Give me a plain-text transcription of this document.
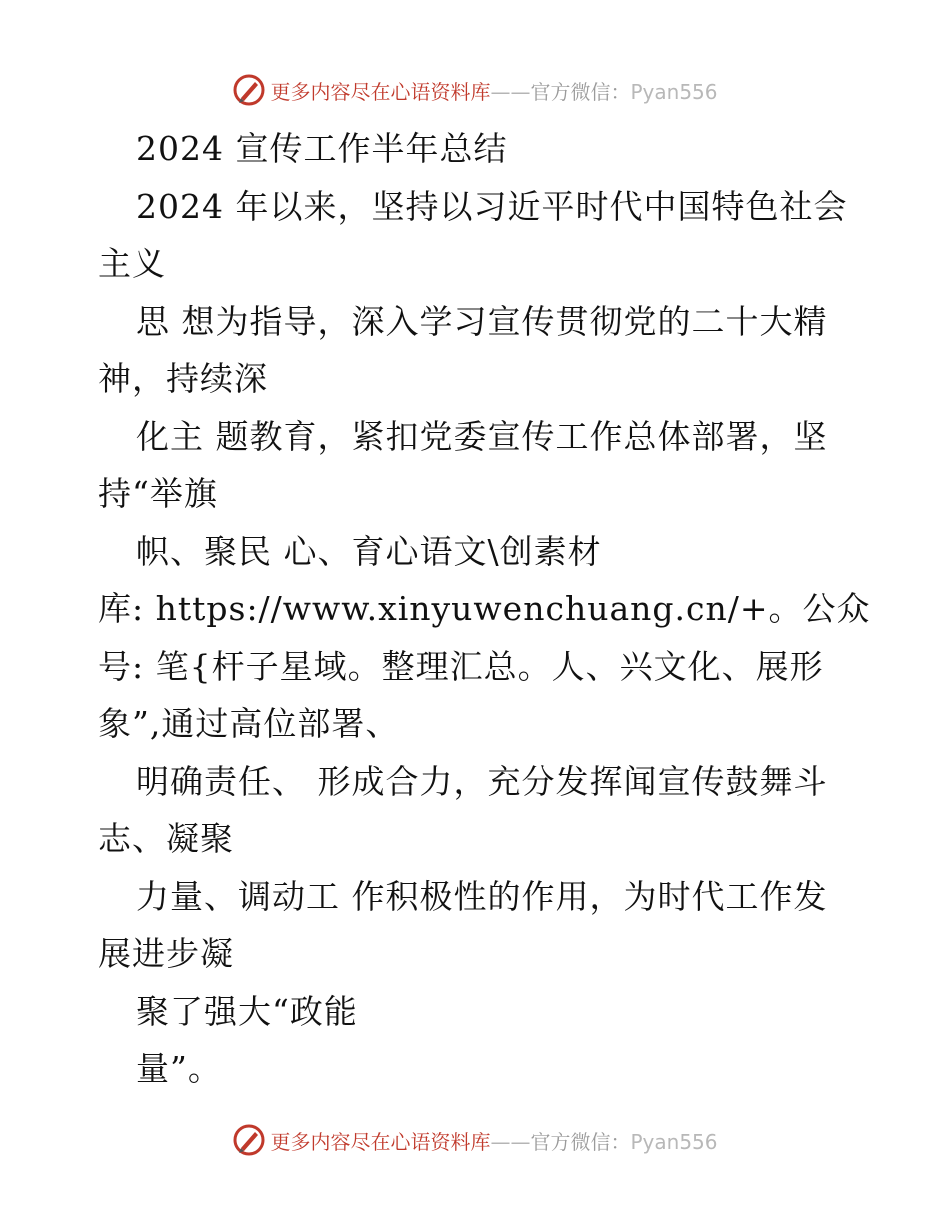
更多内容尽在心语资料库——官方微信：Pyan556
2024 宣传工作半年总结
2024 年以来，坚持以习近平时代中国特色社会
主义
思 想为指导，深入学习宣传贯彻党的二十大精
神，持续深
化主 题教育，紧扣党委宣传工作总体部署，坚
持“举旗
帜、聚民 心、育心语文\创素材
库: https://www.xinyuwenchuang.cn/+。公众
号: 笔{杆子星域。整理汇总。人、兴文化、展形
象”,通过高位部署、
明确责任、 形成合力，充分发挥闻宣传鼓舞斗
志、凝聚
力量、调动工 作积极性的作用，为时代工作发
展进步凝
聚了强大“政能
量”。
更多内容尽在心语资料库——官方微信：Pyan556
